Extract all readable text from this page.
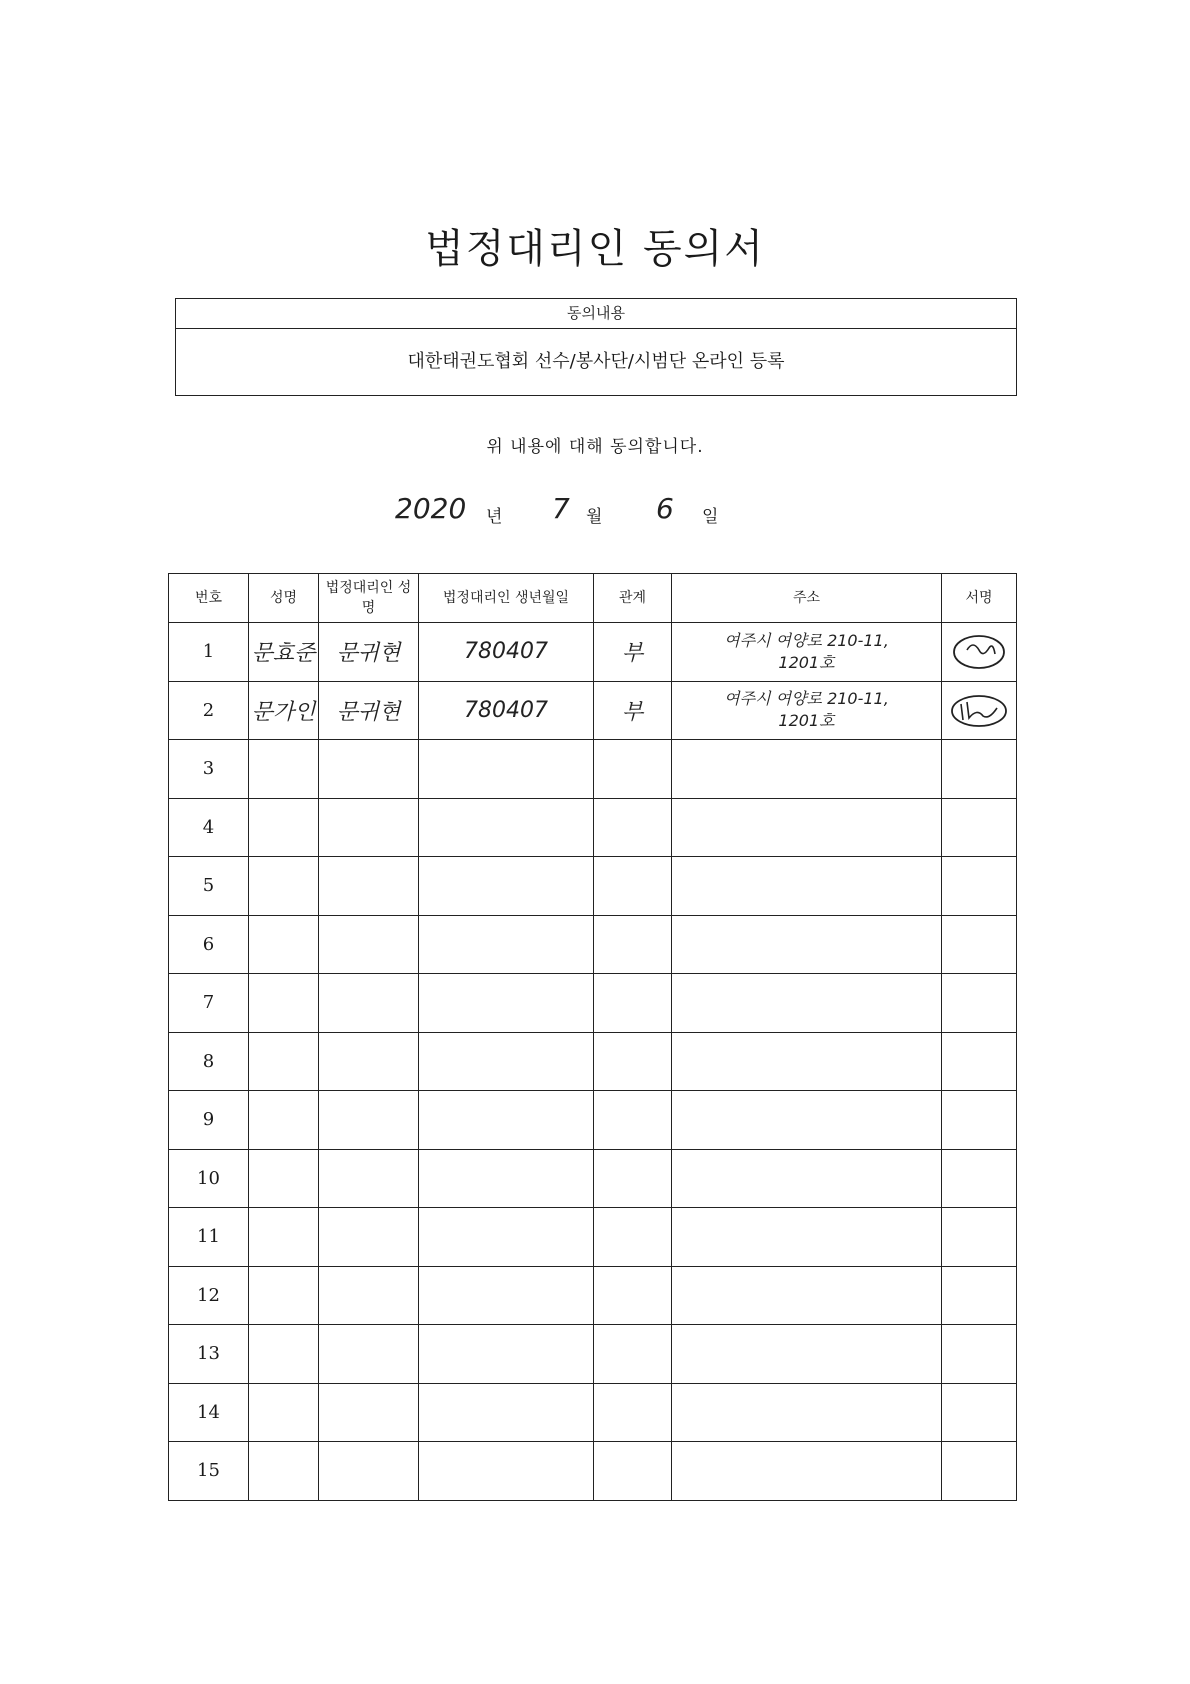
법정대리인 동의서
동의내용
대한태권도협회 선수/봉사단/시범단 온라인 등록
위 내용에 대해 동의합니다.
2020 년 7 월 6 일
번호	성명	법정대리인 성명	법정대리인 생년월일	관계	주소	서명
1	문효준	문귀현	780407	부	여주시 여양로 210-11,
1201호

2	문가인	문귀현	780407	부	여주시 여양로 210-11,
1201호

3						
4						
5						
6						
7						
8						
9						
10						
11						
12						
13						
14						
15						
